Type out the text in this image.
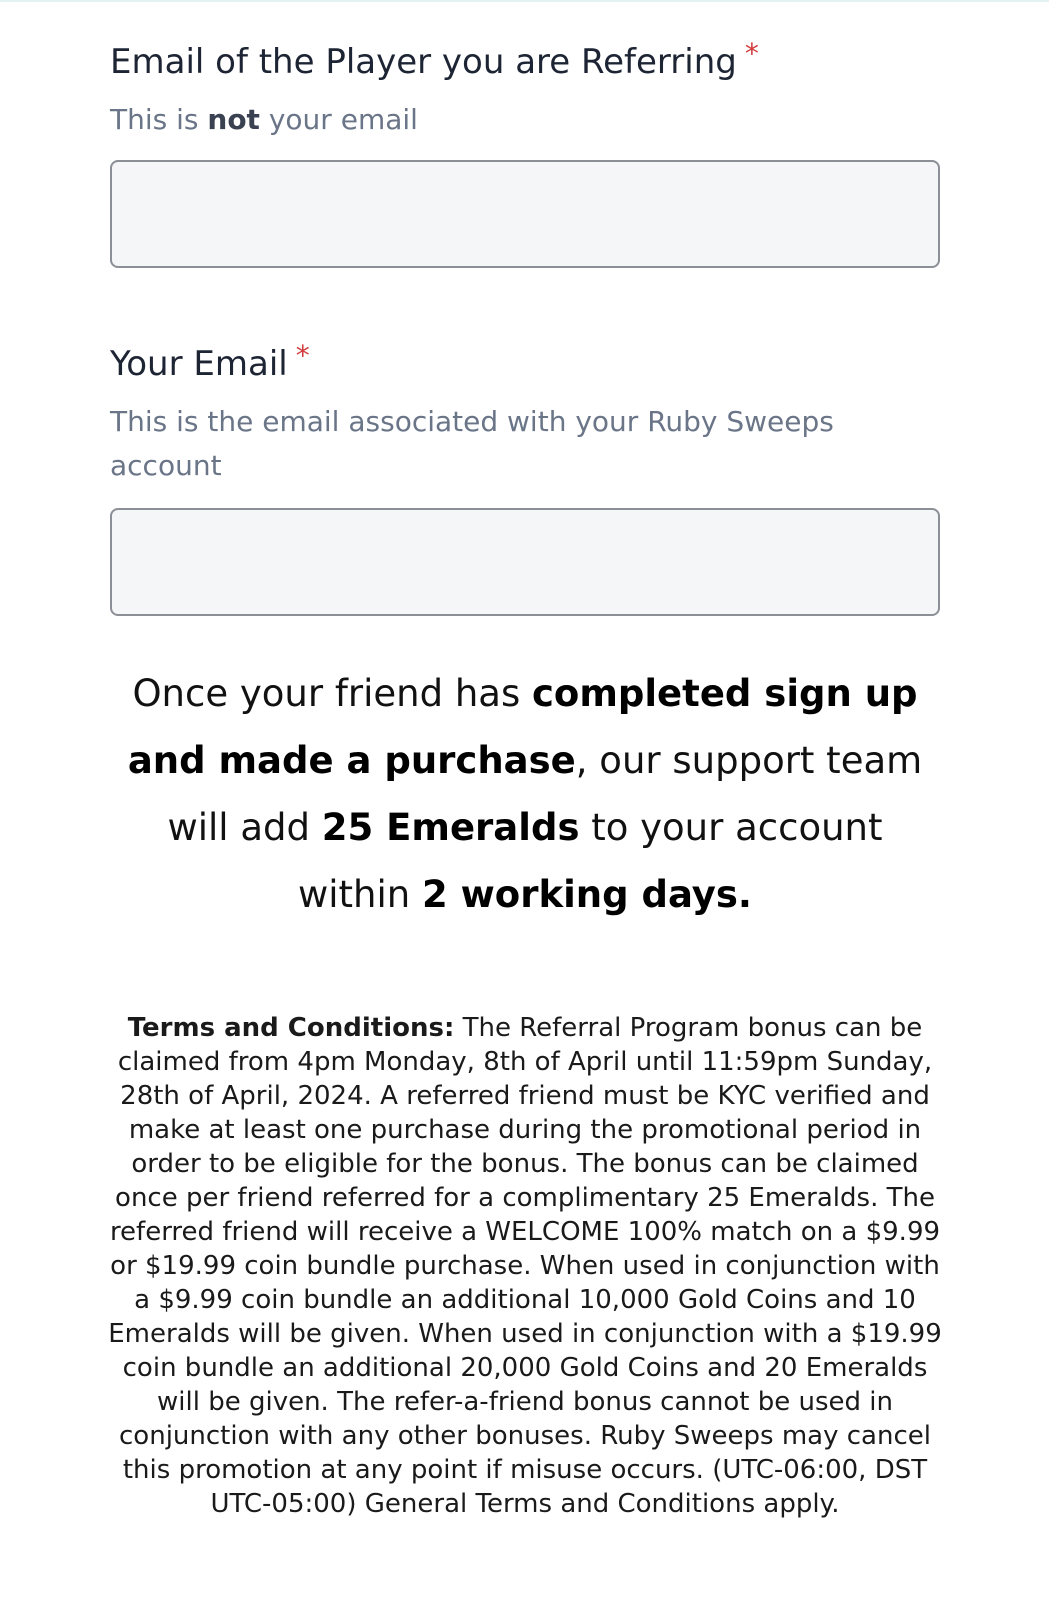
Email of the Player you are Referring *

This is not your email

Your Email *

This is the email associated with your Ruby Sweeps account

Once your friend has completed sign up and made a purchase, our support team will add 25 Emeralds to your account within 2 working days.

Terms and Conditions: The Referral Program bonus can be claimed from 4pm Monday, 8th of April until 11:59pm Sunday, 28th of April, 2024. A referred friend must be KYC verified and make at least one purchase during the promotional period in order to be eligible for the bonus. The bonus can be claimed once per friend referred for a complimentary 25 Emeralds. The referred friend will receive a WELCOME 100% match on a $9.99 or $19.99 coin bundle purchase. When used in conjunction with a $9.99 coin bundle an additional 10,000 Gold Coins and 10 Emeralds will be given. When used in conjunction with a $19.99 coin bundle an additional 20,000 Gold Coins and 20 Emeralds will be given. The refer-a-friend bonus cannot be used in conjunction with any other bonuses. Ruby Sweeps may cancel this promotion at any point if misuse occurs. (UTC-06:00, DST UTC-05:00) General Terms and Conditions apply.
